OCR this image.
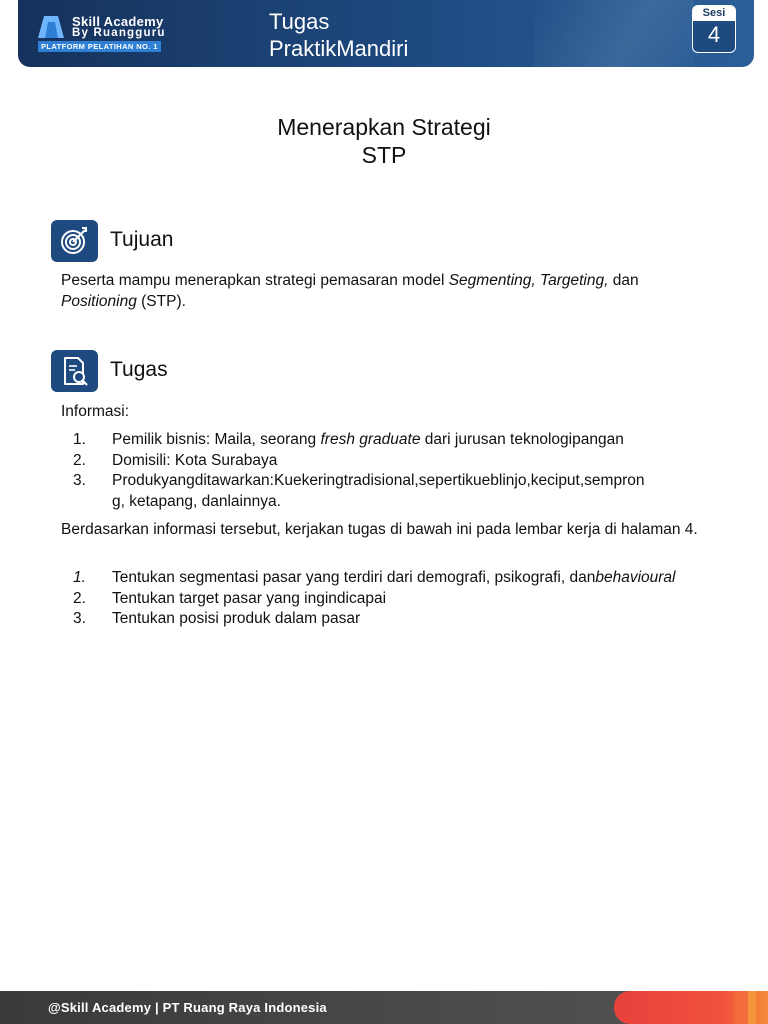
Skill Academy
By Ruangguru
PLATFORM PELATIHAN NO. 1
Tugas
PraktikMandiri
Sesi
4
Menerapkan Strategi
STP
Tujuan
Peserta mampu menerapkan strategi pemasaran model Segmenting, Targeting, dan
Positioning (STP).
Tugas
Informasi:
1. Pemilik bisnis: Maila, seorang fresh graduate dari jurusan teknologipangan
2. Domisili: Kota Surabaya
3. Produkyangditawarkan:Kuekeringtradisional,sepertikueblinjo,keciput,sempron
g, ketapang, danlainnya.
Berdasarkan informasi tersebut, kerjakan tugas di bawah ini pada lembar kerja di halaman 4.
1. Tentukan segmentasi pasar yang terdiri dari demografi, psikografi, danbehavioural
2. Tentukan target pasar yang ingindicapai
3. Tentukan posisi produk dalam pasar
@Skill Academy | PT Ruang Raya Indonesia
